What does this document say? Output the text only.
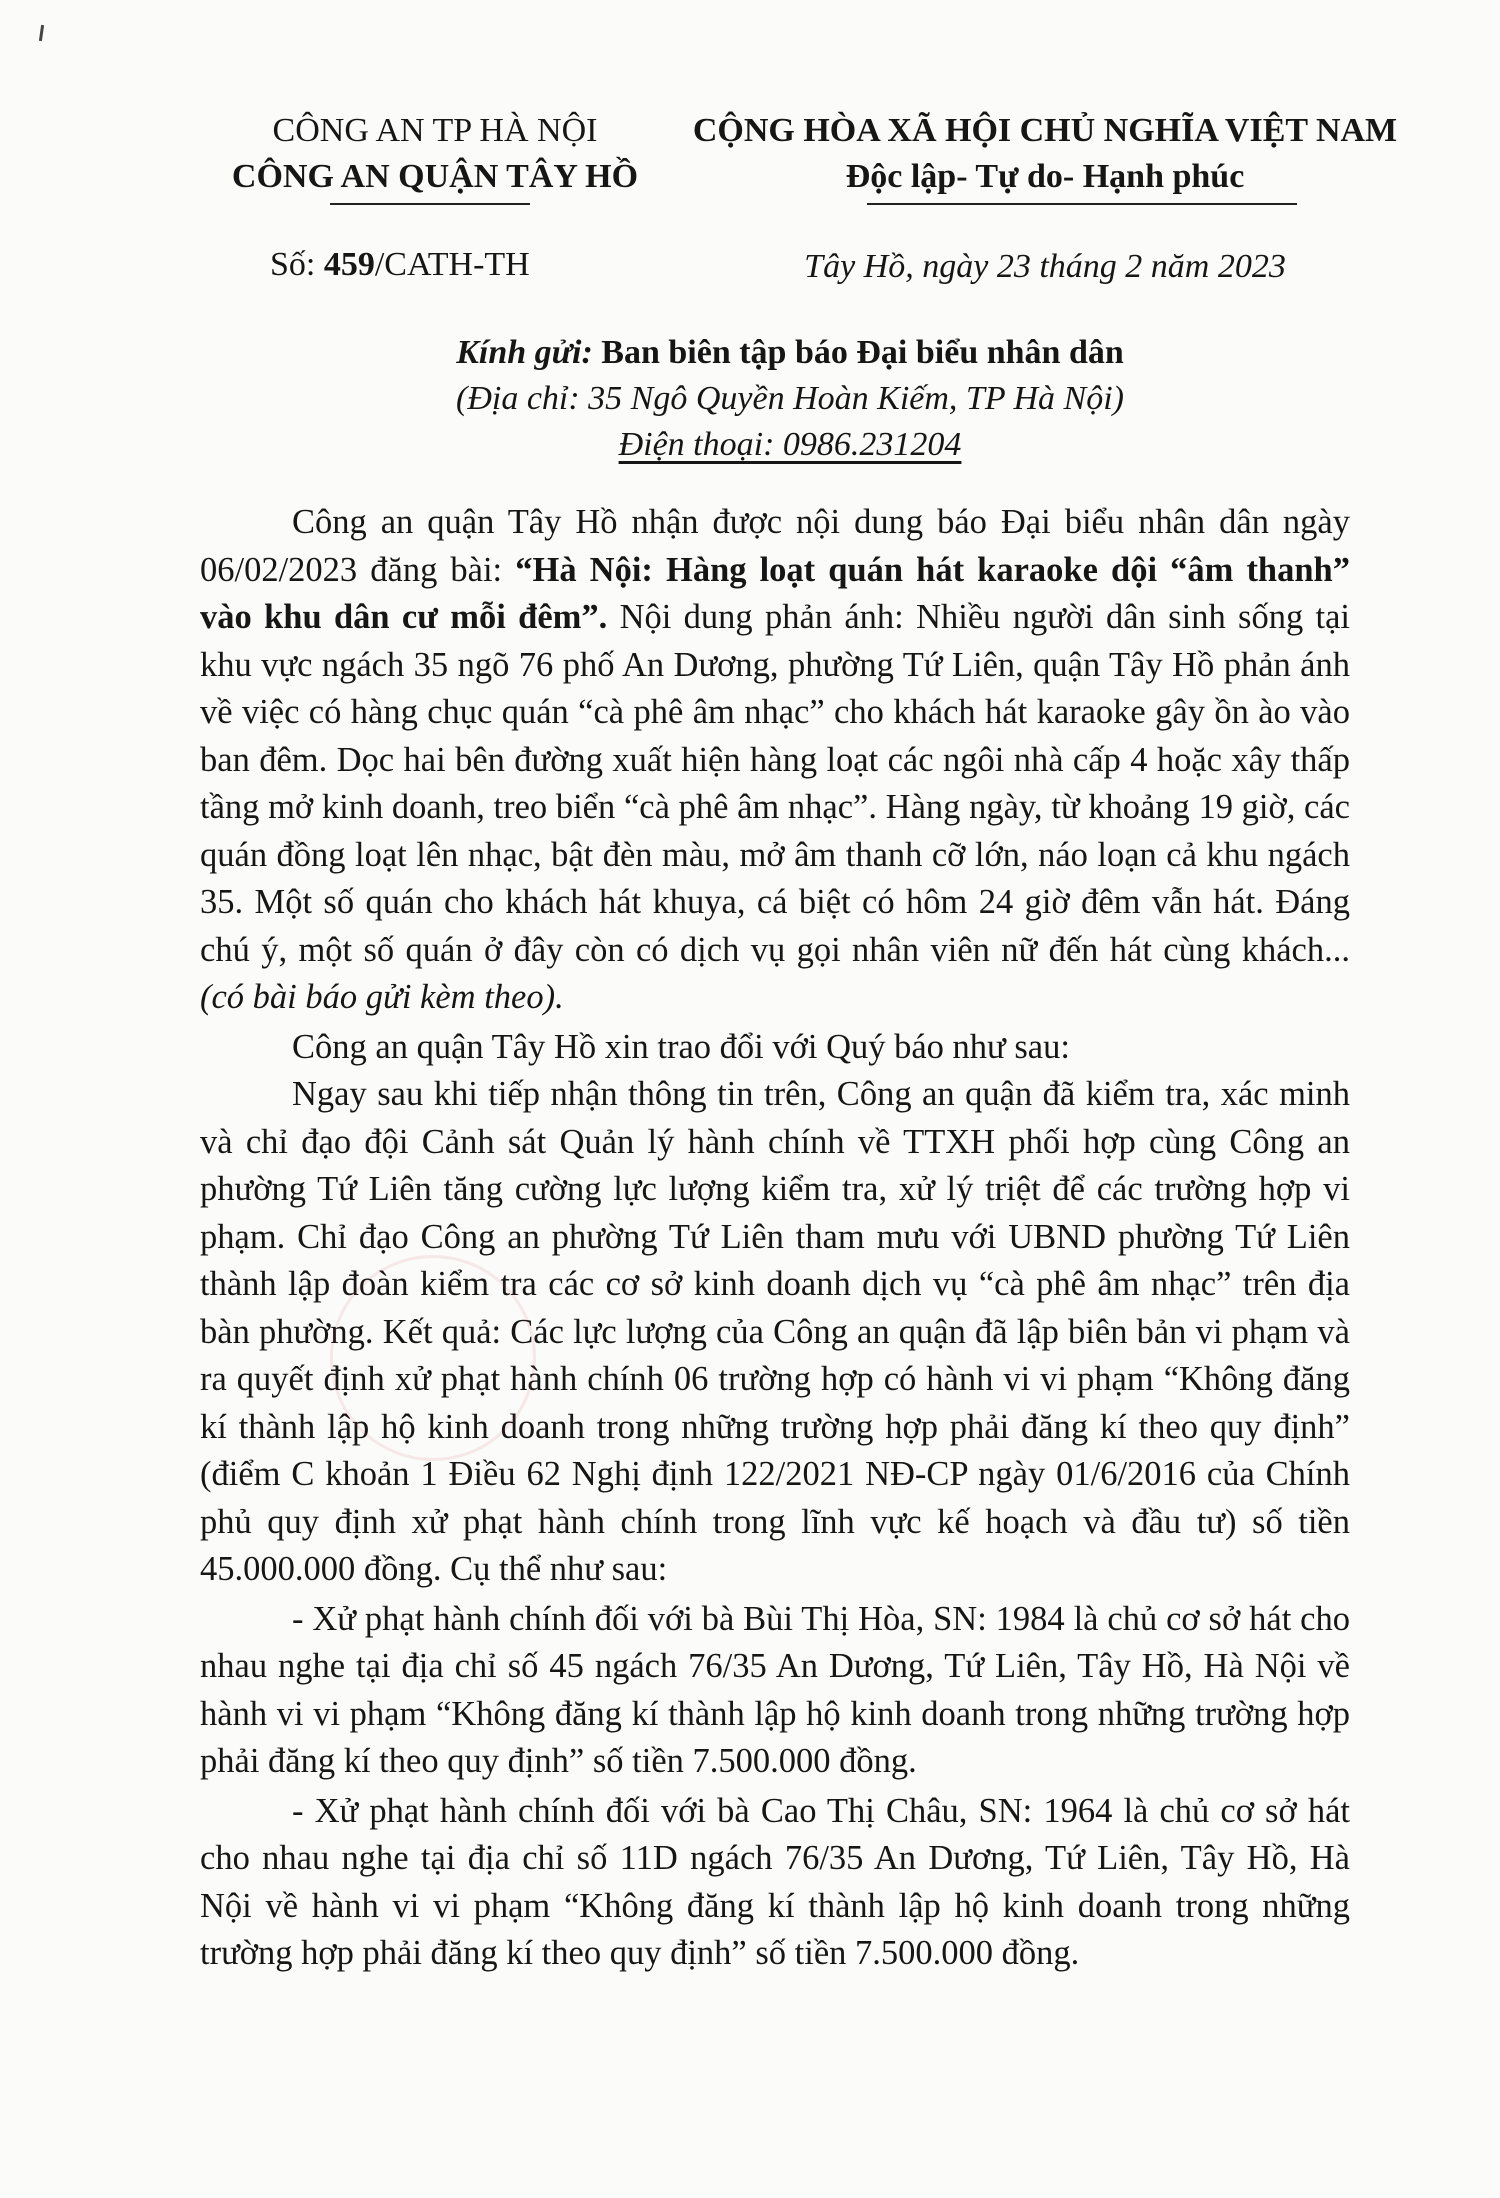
CÔNG AN TP HÀ NỘI
CÔNG AN QUẬN TÂY HỒ
CỘNG HÒA XÃ HỘI CHỦ NGHĨA VIỆT NAM
Độc lập- Tự do- Hạnh phúc
Số: 459/CATH-TH	Tây Hồ, ngày 23 tháng 2 năm 2023
Kính gửi: Ban biên tập báo Đại biểu nhân dân
(Địa chỉ: 35 Ngô Quyền Hoàn Kiếm, TP Hà Nội)
Điện thoại: 0986.231204

Công an quận Tây Hồ nhận được nội dung báo Đại biểu nhân dân ngày 06/02/2023 đăng bài: “Hà Nội: Hàng loạt quán hát karaoke dội “âm thanh” vào khu dân cư mỗi đêm”. Nội dung phản ánh: Nhiều người dân sinh sống tại khu vực ngách 35 ngõ 76 phố An Dương, phường Tứ Liên, quận Tây Hồ phản ánh về việc có hàng chục quán “cà phê âm nhạc” cho khách hát karaoke gây ồn ào vào ban đêm. Dọc hai bên đường xuất hiện hàng loạt các ngôi nhà cấp 4 hoặc xây thấp tầng mở kinh doanh, treo biển “cà phê âm nhạc”. Hàng ngày, từ khoảng 19 giờ, các quán đồng loạt lên nhạc, bật đèn màu, mở âm thanh cỡ lớn, náo loạn cả khu ngách 35. Một số quán cho khách hát khuya, cá biệt có hôm 24 giờ đêm vẫn hát. Đáng chú ý, một số quán ở đây còn có dịch vụ gọi nhân viên nữ đến hát cùng khách... (có bài báo gửi kèm theo).

Công an quận Tây Hồ xin trao đổi với Quý báo như sau:

Ngay sau khi tiếp nhận thông tin trên, Công an quận đã kiểm tra, xác minh và chỉ đạo đội Cảnh sát Quản lý hành chính về TTXH phối hợp cùng Công an phường Tứ Liên tăng cường lực lượng kiểm tra, xử lý triệt để các trường hợp vi phạm. Chỉ đạo Công an phường Tứ Liên tham mưu với UBND phường Tứ Liên thành lập đoàn kiểm tra các cơ sở kinh doanh dịch vụ “cà phê âm nhạc” trên địa bàn phường. Kết quả: Các lực lượng của Công an quận đã lập biên bản vi phạm và ra quyết định xử phạt hành chính 06 trường hợp có hành vi vi phạm “Không đăng kí thành lập hộ kinh doanh trong những trường hợp phải đăng kí theo quy định” (điểm C khoản 1 Điều 62 Nghị định 122/2021 NĐ-CP ngày 01/6/2016 của Chính phủ quy định xử phạt hành chính trong lĩnh vực kế hoạch và đầu tư) số tiền 45.000.000 đồng. Cụ thể như sau:

- Xử phạt hành chính đối với bà Bùi Thị Hòa, SN: 1984 là chủ cơ sở hát cho nhau nghe tại địa chỉ số 45 ngách 76/35 An Dương, Tứ Liên, Tây Hồ, Hà Nội về hành vi vi phạm “Không đăng kí thành lập hộ kinh doanh trong những trường hợp phải đăng kí theo quy định” số tiền 7.500.000 đồng.

- Xử phạt hành chính đối với bà Cao Thị Châu, SN: 1964 là chủ cơ sở hát cho nhau nghe tại địa chỉ số 11D ngách 76/35 An Dương, Tứ Liên, Tây Hồ, Hà Nội về hành vi vi phạm “Không đăng kí thành lập hộ kinh doanh trong những trường hợp phải đăng kí theo quy định” số tiền 7.500.000 đồng.
